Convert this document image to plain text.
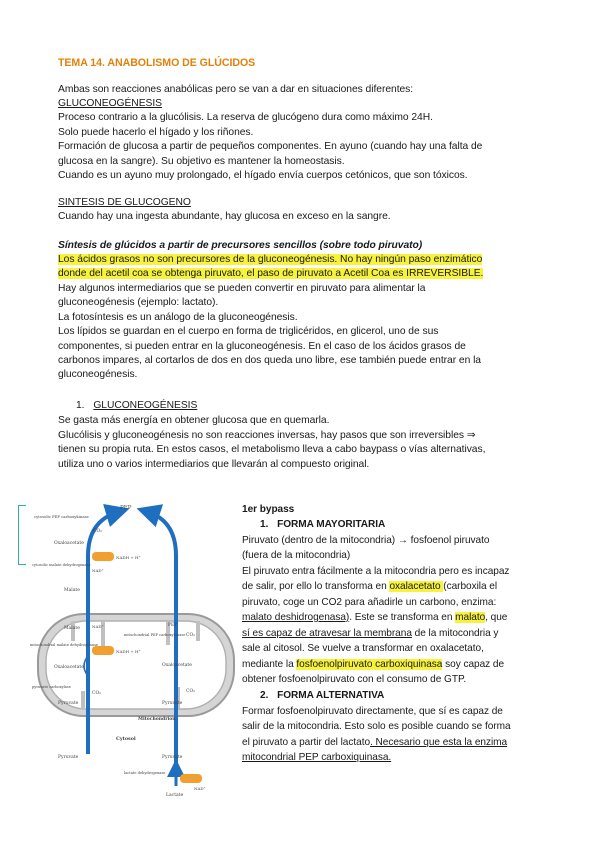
TEMA 14. ANABOLISMO DE GLÚCIDOS
Ambas son reacciones anabólicas pero se van a dar en situaciones diferentes:
GLUCONEOGÉNESIS
Proceso contrario a la glucólisis. La reserva de glucógeno dura como máximo 24H.
Solo puede hacerlo el hígado y los riñones.
Formación de glucosa a partir de pequeños componentes. En ayuno (cuando hay una falta de
glucosa en la sangre). Su objetivo es mantener la homeostasis.
Cuando es un ayuno muy prolongado, el hígado envía cuerpos cetónicos, que son tóxicos.
SINTESIS DE GLUCOGENO
Cuando hay una ingesta abundante, hay glucosa en exceso en la sangre.
Síntesis de glúcidos a partir de precursores sencillos (sobre todo piruvato)
Los ácidos grasos no son precursores de la gluconeogénesis. No hay ningún paso enzimático
donde del acetil coa se obtenga piruvato, el paso de piruvato a Acetil Coa es IRREVERSIBLE.
Hay algunos intermediarios que se pueden convertir en piruvato para alimentar la
gluconeogénesis (ejemplo: lactato).
La fotosíntesis es un análogo de la gluconeogénesis.
Los lípidos se guardan en el cuerpo en forma de triglicéridos, en glicerol, uno de sus
componentes, si pueden entrar en la gluconeogénesis. En el caso de los ácidos grasos de
carbonos impares, al cortarlos de dos en dos queda uno libre, ese también puede entrar en la
gluconeogénesis.
1. GLUCONEOGÉNESIS
Se gasta más energía en obtener glucosa que en quemarla.
Glucólisis y gluconeogénesis no son reacciones inversas, hay pasos que son irreversibles ⇒
tienen su propia ruta. En estos casos, el metabolismo lleva a cabo baypass o vías alternativas,
utiliza uno o varios intermediarios que llevarán al compuesto original.
PEP
cytosolic PEP carboxykinase
CO₂
Oxaloacetate
NADH + H⁺
NAD⁺
cytosolic malate dehydrogenase
Malate
Malate	NAD⁺
mitochondrial malate dehydrogenase
NADH + H⁺
Oxaloacetate
pyruvate carboxylase
CO₂
Pyruvate
PEP
mitochondrial PEP carboxykinase CO₂
Oxaloacetate
CO₂
Pyruvate
Mitochondrion
Cytosol
Pyruvate	Pyruvate
lactate dehydrogenase
NAD⁺
Lactate
1er bypass
1. FORMA MAYORITARIA
Piruvato (dentro de la mitocondria) → fosfoenol piruvato
(fuera de la mitocondria)
El piruvato entra fácilmente a la mitocondria pero es incapaz
de salir, por ello lo transforma en oxalacetato (carboxila el
piruvato, coge un CO2 para añadirle un carbono, enzima:
malato deshidrogenasa). Este se transforma en malato, que
sí es capaz de atravesar la membrana de la mitocondria y
sale al citosol. Se vuelve a transformar en oxalacetato,
mediante la fosfoenolpiruvato carboxiquinasa soy capaz de
obtener fosfoenolpiruvato con el consumo de GTP.
2. FORMA ALTERNATIVA
Formar fosfoenolpiruvato directamente, que sí es capaz de
salir de la mitocondria. Esto solo es posible cuando se forma
el piruvato a partir del lactato. Necesario que esta la enzima
mitocondrial PEP carboxiquinasa.
